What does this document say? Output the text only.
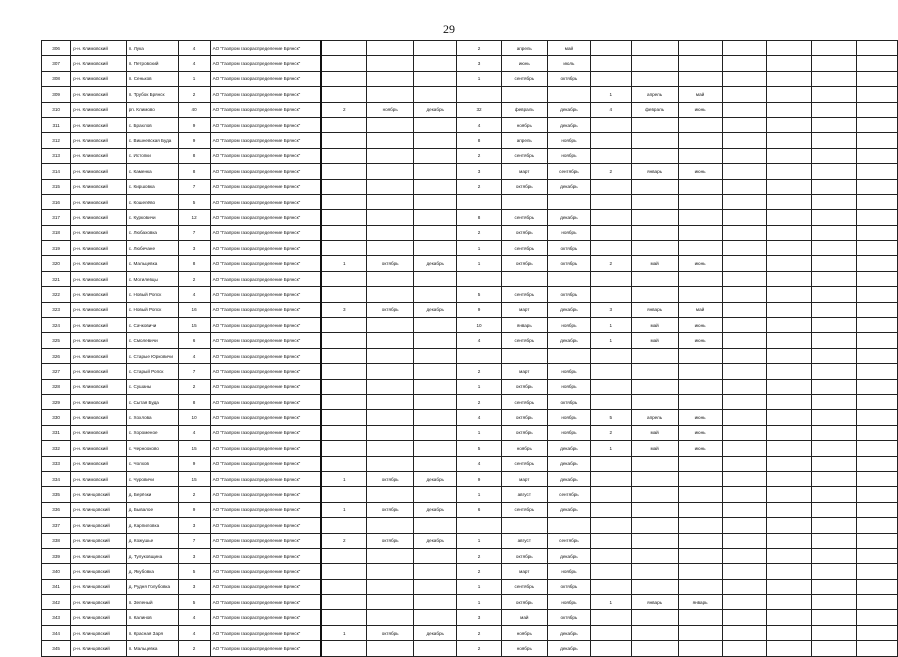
29
306	р-н. Климовский	п. Лука	4	АО "Газпром газораспределение Брянск"				2	апрель	май							
307	р-н. Климовский	п. Петровский	4	АО "Газпром газораспределение Брянск"				3	июнь	июль							
308	р-н. Климовский	п. Сеньков	1	АО "Газпром газораспределение Брянск"				1	сентябрь	октябрь							
309	р-н. Климовский	п. Трубок Брянск	2	АО "Газпром газораспределение Брянск"							1	апрель	май				
310	р-н. Климовский	рп. Климово	40	АО "Газпром газораспределение Брянск"	2	ноябрь	декабрь	32	февраль	декабрь	4	февраль	июнь				
311	р-н. Климовский	с. Брахлов	9	АО "Газпром газораспределение Брянск"				4	ноябрь	декабрь							
312	р-н. Климовский	с. Вишневская Буда	9	АО "Газпром газораспределение Брянск"				8	апрель	ноябрь							
313	р-н. Климовский	с. Истопки	8	АО "Газпром газораспределение Брянск"				2	сентябрь	ноябрь							
314	р-н. Климовский	с. Каменка	8	АО "Газпром газораспределение Брянск"				3	март	сентябрь	2	январь	июнь				
315	р-н. Климовский	с. Киршовка	7	АО "Газпром газораспределение Брянск"				2	октябрь	декабрь							
316	р-н. Климовский	с. Кошелёво	5	АО "Газпром газораспределение Брянск"													
317	р-н. Климовский	с. Курковичи	12	АО "Газпром газораспределение Брянск"				8	сентябрь	декабрь							
318	р-н. Климовский	с. Любаховка	7	АО "Газпром газораспределение Брянск"				2	октябрь	ноябрь							
319	р-н. Климовский	с. Любечане	3	АО "Газпром газораспределение Брянск"				1	сентябрь	октябрь							
320	р-н. Климовский	с. Мальцевка	8	АО "Газпром газораспределение Брянск"	1	октябрь	декабрь	1	октябрь	октябрь	2	май	июнь				
321	р-н. Климовский	с. Могилевцы	2	АО "Газпром газораспределение Брянск"													
322	р-н. Климовский	с. Новый Ропск	4	АО "Газпром газораспределение Брянск"				5	сентябрь	октябрь							
323	р-н. Климовский	с. Новый Ропск	16	АО "Газпром газораспределение Брянск"	3	октябрь	декабрь	9	март	декабрь	3	январь	май				
324	р-н. Климовский	с. Сачковичи	15	АО "Газпром газораспределение Брянск"				10	январь	ноябрь	1	май	июнь				
325	р-н. Климовский	с. Смолевичи	6	АО "Газпром газораспределение Брянск"				4	сентябрь	декабрь	1	май	июнь				
326	р-н. Климовский	с. Старые Юрковичи	4	АО "Газпром газораспределение Брянск"													
327	р-н. Климовский	с. Старый Ропск	7	АО "Газпром газораспределение Брянск"				2	март	ноябрь							
328	р-н. Климовский	с. Сушаны	2	АО "Газпром газораспределение Брянск"				1	октябрь	ноябрь							
329	р-н. Климовский	с. Сытая Буда	8	АО "Газпром газораспределение Брянск"				2	сентябрь	октябрь							
330	р-н. Климовский	с. Хохлова	10	АО "Газпром газораспределение Брянск"				4	октябрь	ноябрь	5	апрель	июнь				
331	р-н. Климовский	с. Хороменое	4	АО "Газпром газораспределение Брянск"				1	октябрь	ноябрь	2	май	июнь				
332	р-н. Климовский	с. Чернооково	15	АО "Газпром газораспределение Брянск"				5	ноябрь	декабрь	1	май	июнь				
333	р-н. Климовский	с. Чолхов	9	АО "Газпром газораспределение Брянск"				4	сентябрь	декабрь							
334	р-н. Климовский	с. Чуровичи	15	АО "Газпром газораспределение Брянск"	1	октябрь	декабрь	9	март	декабрь							
335	р-н. Клинцовский	д. Берёзки	2	АО "Газпром газораспределение Брянск"				1	август	сентябрь							
336	р-н. Клинцовский	д. Бывалое	9	АО "Газпром газораспределение Брянск"	1	октябрь	декабрь	6	сентябрь	декабрь							
337	р-н. Клинцовский	д. Карпиловка	3	АО "Газпром газораспределение Брянск"													
338	р-н. Клинцовский	д. Кожушье	7	АО "Газпром газораспределение Брянск"	2	октябрь	декабрь	1	август	сентябрь							
339	р-н. Клинцовский	д. Тулуковщина	3	АО "Газпром газораспределение Брянск"				2	октябрь	декабрь							
340	р-н. Клинцовский	д. Якубовка	5	АО "Газпром газораспределение Брянск"				2	март	ноябрь							
341	р-н. Клинцовский	д. Рудня Голубовка	3	АО "Газпром газораспределение Брянск"				1	сентябрь	октябрь							
342	р-н. Клинцовский	п. Зеленый	5	АО "Газпром газораспределение Брянск"				1	октябрь	ноябрь	1	январь	январь				
343	р-н. Клинцовский	п. Калинов	4	АО "Газпром газораспределение Брянск"				3	май	октябрь							
344	р-н. Клинцовский	п. Красная Заря	4	АО "Газпром газораспределение Брянск"	1	октябрь	декабрь	2	ноябрь	декабрь							
345	р-н. Клинцовский	п. Мальцевка	2	АО "Газпром газораспределение Брянск"				2	ноябрь	декабрь							
